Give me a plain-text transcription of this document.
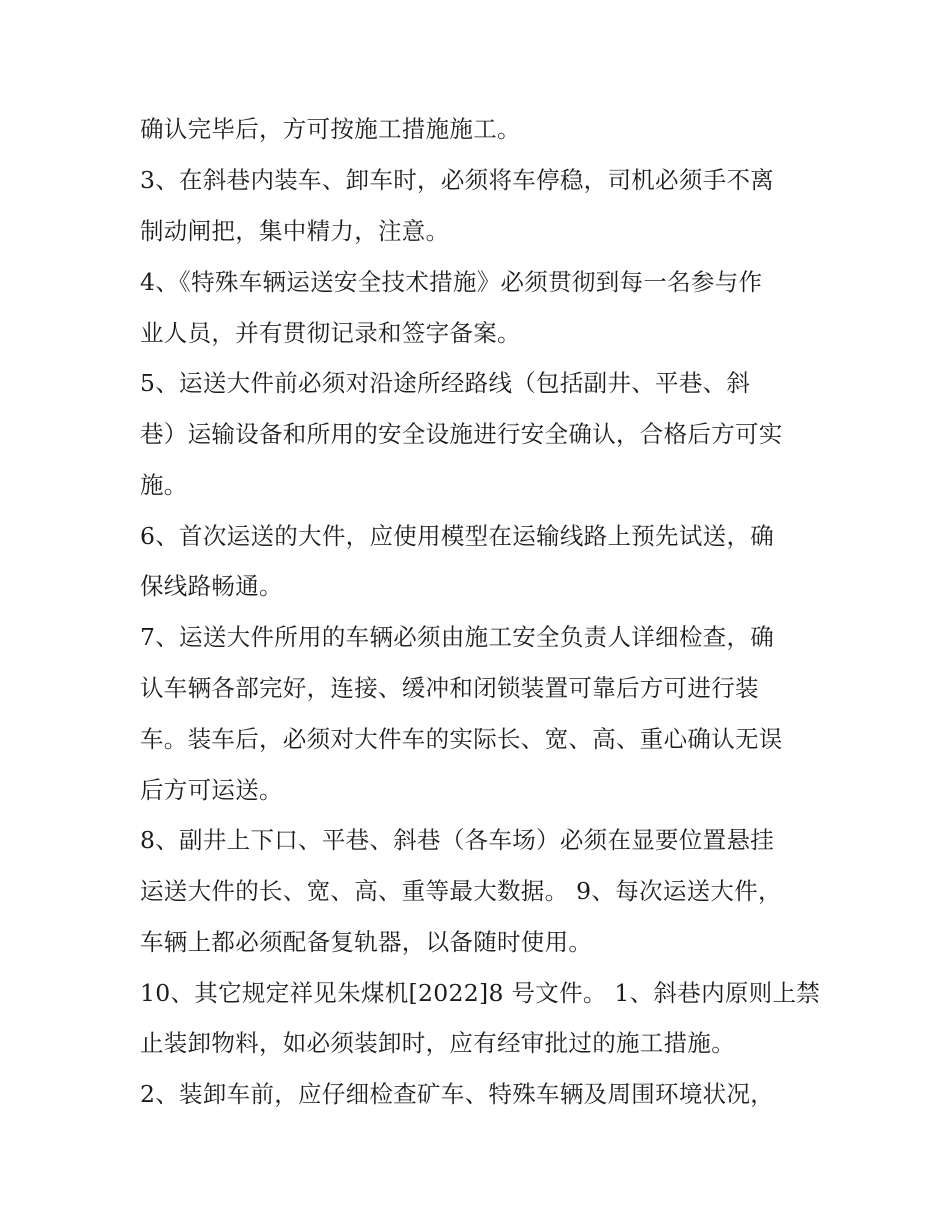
确认完毕后，方可按施工措施施工。
3、在斜巷内装车、卸车时，必须将车停稳，司机必须手不离
制动闸把，集中精力，注意。
4、《特殊车辆运送安全技术措施》必须贯彻到每一名参与作
业人员，并有贯彻记录和签字备案。
5、运送大件前必须对沿途所经路线（包括副井、平巷、斜
巷）运输设备和所用的安全设施进行安全确认，合格后方可实
施。
6、首次运送的大件，应使用模型在运输线路上预先试送，确
保线路畅通。
7、运送大件所用的车辆必须由施工安全负责人详细检查，确
认车辆各部完好，连接、缓冲和闭锁装置可靠后方可进行装
车。装车后，必须对大件车的实际长、宽、高、重心确认无误
后方可运送。
8、副井上下口、平巷、斜巷（各车场）必须在显要位置悬挂
运送大件的长、宽、高、重等最大数据。 9、每次运送大件，
车辆上都必须配备复轨器，以备随时使用。
10、其它规定祥见朱煤机[2022]8 号文件。 1、斜巷内原则上禁
止装卸物料，如必须装卸时，应有经审批过的施工措施。
2、装卸车前，应仔细检查矿车、特殊车辆及周围环境状况，
